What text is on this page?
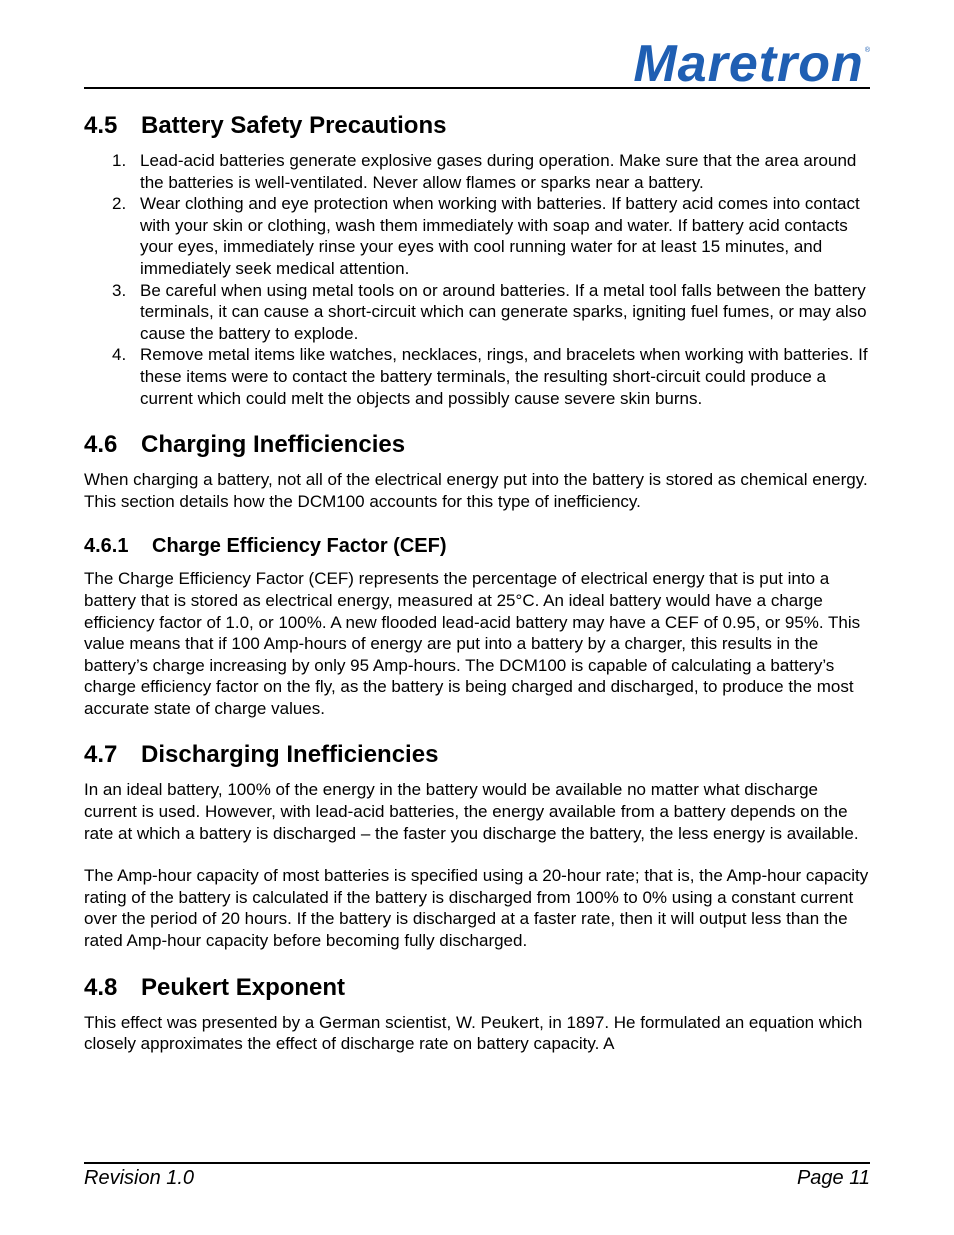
Maretron ®
4.5 Battery Safety Precautions
1. Lead-acid batteries generate explosive gases during operation. Make sure that the area around the batteries is well-ventilated. Never allow flames or sparks near a battery.
2. Wear clothing and eye protection when working with batteries. If battery acid comes into contact with your skin or clothing, wash them immediately with soap and water. If battery acid contacts your eyes, immediately rinse your eyes with cool running water for at least 15 minutes, and immediately seek medical attention.
3. Be careful when using metal tools on or around batteries. If a metal tool falls between the battery terminals, it can cause a short-circuit which can generate sparks, igniting fuel fumes, or may also cause the battery to explode.
4. Remove metal items like watches, necklaces, rings, and bracelets when working with batteries. If these items were to contact the battery terminals, the resulting short-circuit could produce a current which could melt the objects and possibly cause severe skin burns.
4.6 Charging Inefficiencies

When charging a battery, not all of the electrical energy put into the battery is stored as chemical energy. This section details how the DCM100 accounts for this type of inefficiency.

4.6.1	Charge Efficiency Factor (CEF)

The Charge Efficiency Factor (CEF) represents the percentage of electrical energy that is put into a battery that is stored as electrical energy, measured at 25°C. An ideal battery would have a charge efficiency factor of 1.0, or 100%. A new flooded lead-acid battery may have a CEF of 0.95, or 95%. This value means that if 100 Amp-hours of energy are put into a battery by a charger, this results in the battery’s charge increasing by only 95 Amp-hours. The DCM100 is capable of calculating a battery’s charge efficiency factor on the fly, as the battery is being charged and discharged, to produce the most accurate state of charge values.

4.7 Discharging Inefficiencies

In an ideal battery, 100% of the energy in the battery would be available no matter what discharge current is used. However, with lead-acid batteries, the energy available from a battery depends on the rate at which a battery is discharged – the faster you discharge the battery, the less energy is available.

The Amp-hour capacity of most batteries is specified using a 20-hour rate; that is, the Amp-hour capacity rating of the battery is calculated if the battery is discharged from 100% to 0% using a constant current over the period of 20 hours. If the battery is discharged at a faster rate, then it will output less than the rated Amp-hour capacity before becoming fully discharged.

4.8 Peukert Exponent

This effect was presented by a German scientist, W. Peukert, in 1897. He formulated an equation which closely approximates the effect of discharge rate on battery capacity. A

Revision 1.0	Page 11
